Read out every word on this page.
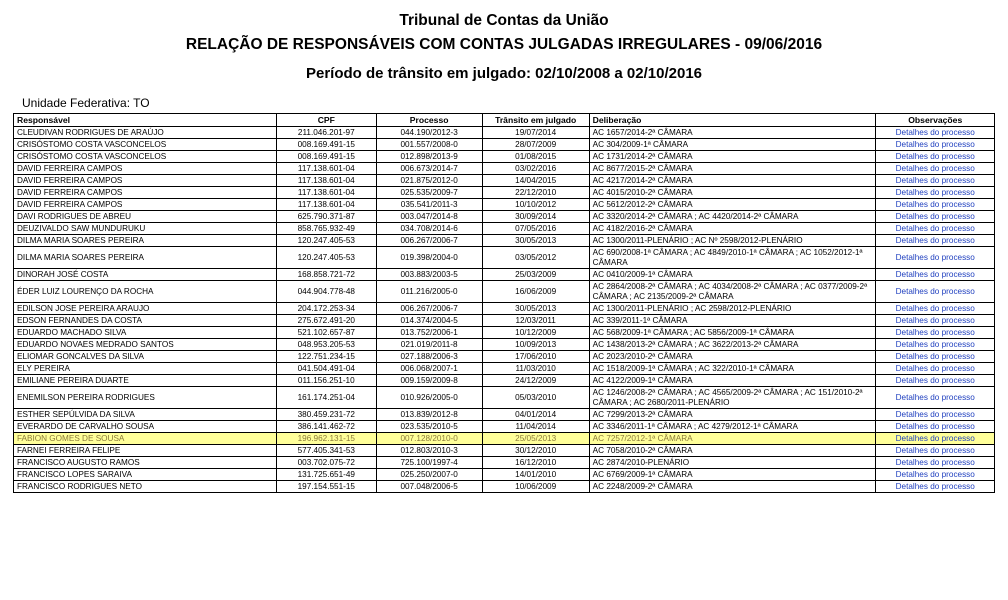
Tribunal de Contas da União
RELAÇÃO DE RESPONSÁVEIS COM CONTAS JULGADAS IRREGULARES - 09/06/2016
Período de trânsito em julgado: 02/10/2008 a 02/10/2016
Unidade Federativa: TO
Responsável	CPF	Processo	Trânsito em julgado	Deliberação	Observações
CLEUDIVAN RODRIGUES DE ARAÚJO	211.046.201-97	044.190/2012-3	19/07/2014	AC 1657/2014-2ª CÂMARA	Detalhes do processo
CRISÓSTOMO COSTA VASCONCELOS	008.169.491-15	001.557/2008-0	28/07/2009	AC 304/2009-1ª CÂMARA	Detalhes do processo
CRISÓSTOMO COSTA VASCONCELOS	008.169.491-15	012.898/2013-9	01/08/2015	AC 1731/2014-2ª CÂMARA	Detalhes do processo
DAVID FERREIRA CAMPOS	117.138.601-04	006.673/2014-7	03/02/2016	AC 8677/2015-2ª CÂMARA	Detalhes do processo
DAVID FERREIRA CAMPOS	117.138.601-04	021.875/2012-0	14/04/2015	AC 4217/2014-2ª CÂMARA	Detalhes do processo
DAVID FERREIRA CAMPOS	117.138.601-04	025.535/2009-7	22/12/2010	AC 4015/2010-2ª CÂMARA	Detalhes do processo
DAVID FERREIRA CAMPOS	117.138.601-04	035.541/2011-3	10/10/2012	AC 5612/2012-2ª CÂMARA	Detalhes do processo
DAVI RODRIGUES DE ABREU	625.790.371-87	003.047/2014-8	30/09/2014	AC 3320/2014-2ª CÂMARA ; AC 4420/2014-2ª CÂMARA	Detalhes do processo
DEUZIVALDO SAW MUNDURUKU	858.765.932-49	034.708/2014-6	07/05/2016	AC 4182/2016-2ª CÂMARA	Detalhes do processo
DILMA MARIA SOARES PEREIRA	120.247.405-53	006.267/2006-7	30/05/2013	AC 1300/2011-PLENÁRIO ; AC Nº 2598/2012-PLENÁRIO	Detalhes do processo
DILMA MARIA SOARES PEREIRA	120.247.405-53	019.398/2004-0	03/05/2012	AC 690/2008-1ª CÂMARA ; AC 4849/2010-1ª CÂMARA ; AC 1052/2012-1ª CÂMARA	Detalhes do processo
DINORAH JOSÉ COSTA	168.858.721-72	003.883/2003-5	25/03/2009	AC 0410/2009-1ª CÂMARA	Detalhes do processo
ÉDER LUIZ LOURENÇO DA ROCHA	044.904.778-48	011.216/2005-0	16/06/2009	AC 2864/2008-2ª CÂMARA ; AC 4034/2008-2ª CÂMARA ; AC 0377/2009-2ª CÂMARA ; AC 2135/2009-2ª CÂMARA	Detalhes do processo
EDILSON JOSE PEREIRA ARAUJO	204.172.253-34	006.267/2006-7	30/05/2013	AC 1300/2011-PLENÁRIO ; AC 2598/2012-PLENÁRIO	Detalhes do processo
EDSON FERNANDES DA COSTA	275.672.491-20	014.374/2004-5	12/03/2011	AC 339/2011-1ª CÂMARA	Detalhes do processo
EDUARDO MACHADO SILVA	521.102.657-87	013.752/2006-1	10/12/2009	AC 568/2009-1ª CÂMARA ; AC 5856/2009-1ª CÂMARA	Detalhes do processo
EDUARDO NOVAES MEDRADO SANTOS	048.953.205-53	021.019/2011-8	10/09/2013	AC 1438/2013-2ª CÂMARA ; AC 3622/2013-2ª CÂMARA	Detalhes do processo
ELIOMAR GONCALVES DA SILVA	122.751.234-15	027.188/2006-3	17/06/2010	AC 2023/2010-2ª CÂMARA	Detalhes do processo
ELY PEREIRA	041.504.491-04	006.068/2007-1	11/03/2010	AC 1518/2009-1ª CÂMARA ; AC 322/2010-1ª CÂMARA	Detalhes do processo
EMILIANE PEREIRA DUARTE	011.156.251-10	009.159/2009-8	24/12/2009	AC 4122/2009-1ª CÂMARA	Detalhes do processo
ENEMILSON PEREIRA RODRIGUES	161.174.251-04	010.926/2005-0	05/03/2010	AC 1246/2008-2ª CÂMARA ; AC 4565/2009-2ª CÂMARA ; AC 151/2010-2ª CÂMARA ; AC 2680/2011-PLENÁRIO	Detalhes do processo
ESTHER SEPÚLVIDA DA SILVA	380.459.231-72	013.839/2012-8	04/01/2014	AC 7299/2013-2ª CÂMARA	Detalhes do processo
EVERARDO DE CARVALHO SOUSA	386.141.462-72	023.535/2010-5	11/04/2014	AC 3346/2011-1ª CÂMARA ; AC 4279/2012-1ª CÂMARA	Detalhes do processo
FABION GOMES DE SOUSA	196.962.131-15	007.128/2010-0	25/05/2013	AC 7257/2012-1ª CÂMARA	Detalhes do processo
FARNEI FERREIRA FELIPE	577.405.341-53	012.803/2010-3	30/12/2010	AC 7058/2010-2ª CÂMARA	Detalhes do processo
FRANCISCO AUGUSTO RAMOS	003.702.075-72	725.100/1997-4	16/12/2010	AC 2874/2010-PLENÁRIO	Detalhes do processo
FRANCISCO LOPES SARAIVA	131.725.651-49	025.250/2007-0	14/01/2010	AC 6769/2009-1ª CÂMARA	Detalhes do processo
FRANCISCO RODRIGUES NETO	197.154.551-15	007.048/2006-5	10/06/2009	AC 2248/2009-2ª CÂMARA	Detalhes do processo
